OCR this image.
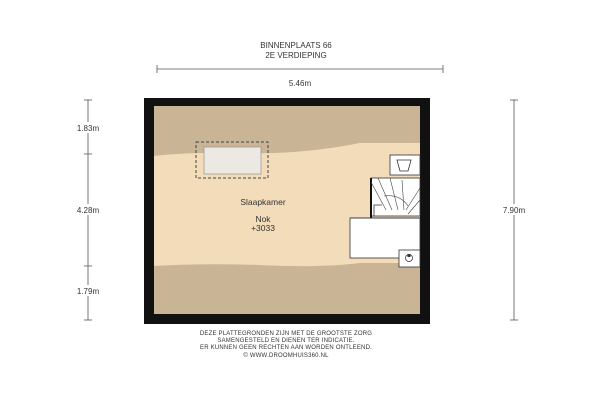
BINNENPLAATS 66
2E VERDIEPING
5.46m
1.83m
4.28m
1.79m
7.90m
Slaapkamer
Nok
+3033
DEZE PLATTEGRONDEN ZIJN MET DE GROOTSTE ZORG
SAMENGESTELD EN DIENEN TER INDICATIE.
ER KUNNEN GEEN RECHTEN AAN WORDEN ONTLEEND.
© WWW.DROOMHUIS360.NL
